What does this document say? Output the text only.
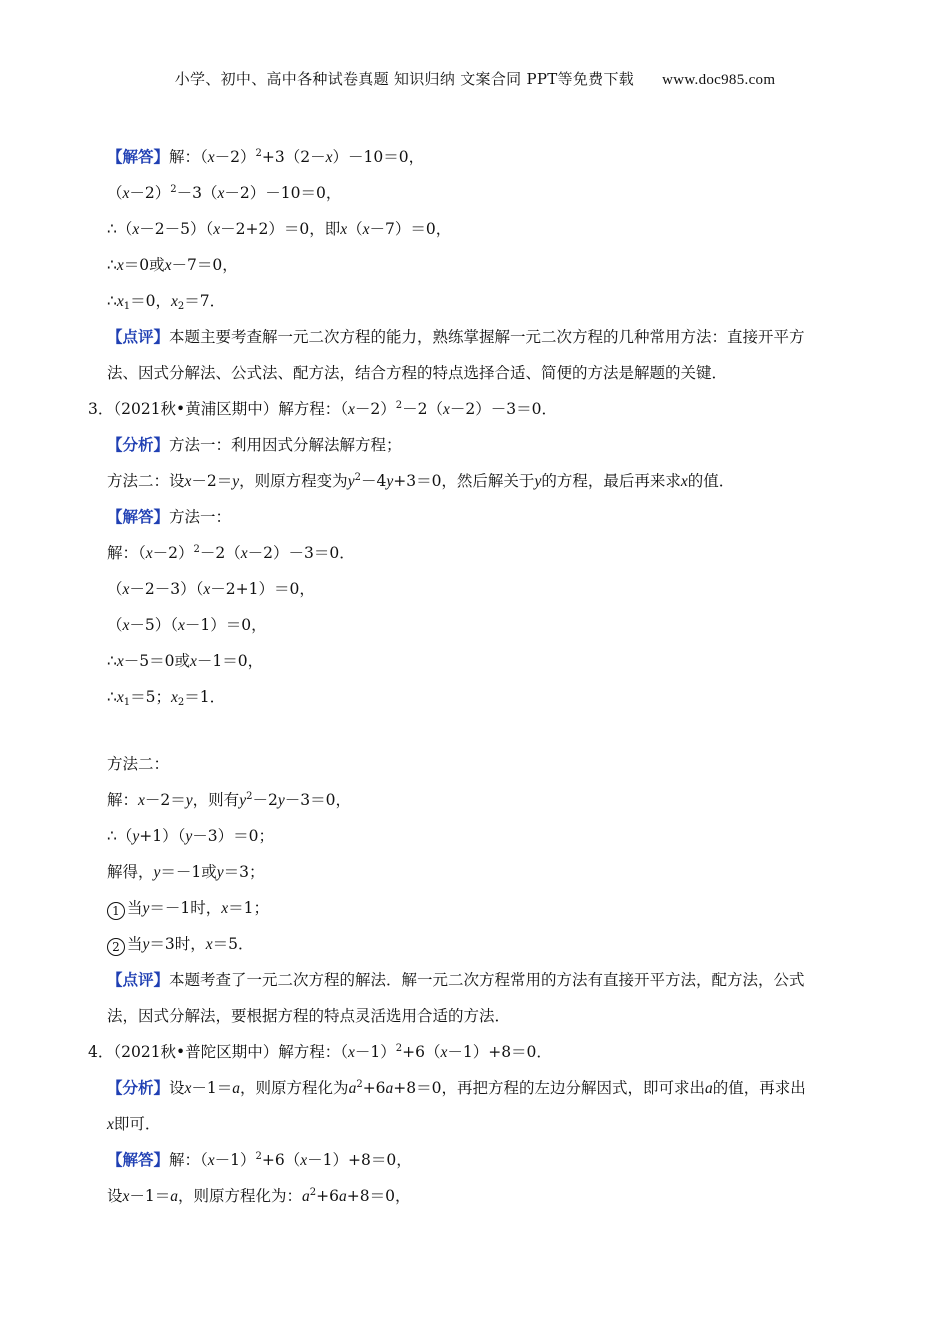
小学、初中、高中各种试卷真题 知识归纳 文案合同 PPT等免费下载 www.doc985.com
【解答】解：$(x-2)^2+3(2-x)-10=0$，
$(x-2)^2-3(x-2)-10=0$，
∴（x－2－5）（x－2+2）＝0，即x（x－7）＝0，
∴x＝0或x－7＝0，
$\therefore x_1=0$，$x_2=7$．
【点评】本题主要考查解一元二次方程的能力，熟练掌握解一元二次方程的几种常用方法：直接开平方
法、因式分解法、公式法、配方法，结合方程的特点选择合适、简便的方法是解题的关键．
3．（2021秋•黄浦区期中）解方程：$(x-2)^2-2(x-2)-3=0$．
【分析】方法一：利用因式分解法解方程；
方法二：设x－2＝y，则原方程变为$y^2-4y+3=0$，然后解关于y的方程，最后再来求x的值．
【解答】方法一：
解：$(x-2)^2-2(x-2)-3=0$．
（x－2－3）（x－2+1）＝0，
（x－5）（x－1）＝0，
∴x－5＝0或x－1＝0，
$\therefore x_1=5$；$x_2=1$．
方法二：
解：x－2＝y，则有$y^2-2y-3=0$，
∴（y+1）（y－3）＝0；
解得，y＝－1或y＝3；
1 当y＝－1时，x＝1；
2 当y＝3时，x＝5．
【点评】本题考查了一元二次方程的解法．解一元二次方程常用的方法有直接开平方法，配方法，公式
法，因式分解法，要根据方程的特点灵活选用合适的方法．
4．（2021秋•普陀区期中）解方程：$(x-1)^2+6(x-1)+8=0$．
【分析】设x－1＝a，则原方程化为$a^2+6a+8=0$，再把方程的左边分解因式，即可求出a的值，再求出
x即可．
【解答】解：$(x-1)^2+6(x-1)+8=0$，
设x－1＝a，则原方程化为：$a^2+6a+8=0$，
